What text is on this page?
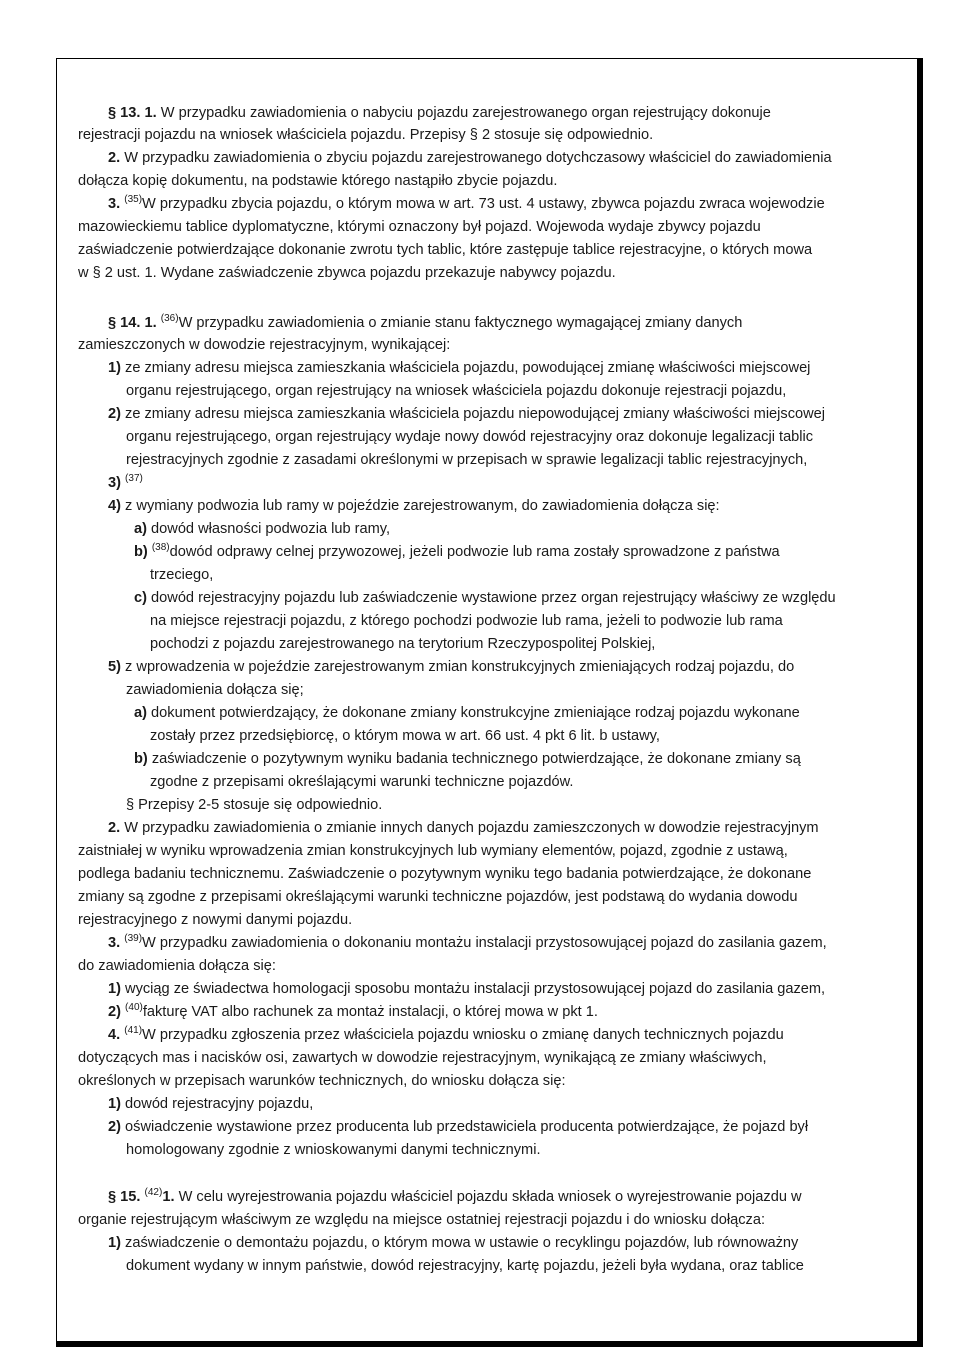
§ 13. 1. W przypadku zawiadomienia o nabyciu pojazdu zarejestrowanego organ rejestrujący dokonuje
rejestracji pojazdu na wniosek właściciela pojazdu. Przepisy § 2 stosuje się odpowiednio.
2. W przypadku zawiadomienia o zbyciu pojazdu zarejestrowanego dotychczasowy właściciel do zawiadomienia
dołącza kopię dokumentu, na podstawie którego nastąpiło zbycie pojazdu.
3. $^{(35)}$W przypadku zbycia pojazdu, o którym mowa w art. 73 ust. 4 ustawy, zbywca pojazdu zwraca wojewodzie
mazowieckiemu tablice dyplomatyczne, którymi oznaczony był pojazd. Wojewoda wydaje zbywcy pojazdu
zaświadczenie potwierdzające dokonanie zwrotu tych tablic, które zastępuje tablice rejestracyjne, o których mowa
w § 2 ust. 1. Wydane zaświadczenie zbywca pojazdu przekazuje nabywcy pojazdu.
§ 14. 1. $^{(36)}$W przypadku zawiadomienia o zmianie stanu faktycznego wymagającej zmiany danych
zamieszczonych w dowodzie rejestracyjnym, wynikającej:
1) ze zmiany adresu miejsca zamieszkania właściciela pojazdu, powodującej zmianę właściwości miejscowej
organu rejestrującego, organ rejestrujący na wniosek właściciela pojazdu dokonuje rejestracji pojazdu,
2) ze zmiany adresu miejsca zamieszkania właściciela pojazdu niepowodującej zmiany właściwości miejscowej
organu rejestrującego, organ rejestrujący wydaje nowy dowód rejestracyjny oraz dokonuje legalizacji tablic
rejestracyjnych zgodnie z zasadami określonymi w przepisach w sprawie legalizacji tablic rejestracyjnych,
3) $^{(37)}$
4) z wymiany podwozia lub ramy w pojeździe zarejestrowanym, do zawiadomienia dołącza się:
a) dowód własności podwozia lub ramy,
b) $^{(38)}$dowód odprawy celnej przywozowej, jeżeli podwozie lub rama zostały sprowadzone z państwa
trzeciego,
c) dowód rejestracyjny pojazdu lub zaświadczenie wystawione przez organ rejestrujący właściwy ze względu
na miejsce rejestracji pojazdu, z którego pochodzi podwozie lub rama, jeżeli to podwozie lub rama
pochodzi z pojazdu zarejestrowanego na terytorium Rzeczypospolitej Polskiej,
5) z wprowadzenia w pojeździe zarejestrowanym zmian konstrukcyjnych zmieniających rodzaj pojazdu, do
zawiadomienia dołącza się;
a) dokument potwierdzający, że dokonane zmiany konstrukcyjne zmieniające rodzaj pojazdu wykonane
zostały przez przedsiębiorcę, o którym mowa w art. 66 ust. 4 pkt 6 lit. b ustawy,
b) zaświadczenie o pozytywnym wyniku badania technicznego potwierdzające, że dokonane zmiany są
zgodne z przepisami określającymi warunki techniczne pojazdów.
§ Przepisy 2-5 stosuje się odpowiednio.
2. W przypadku zawiadomienia o zmianie innych danych pojazdu zamieszczonych w dowodzie rejestracyjnym
zaistniałej w wyniku wprowadzenia zmian konstrukcyjnych lub wymiany elementów, pojazd, zgodnie z ustawą,
podlega badaniu technicznemu. Zaświadczenie o pozytywnym wyniku tego badania potwierdzające, że dokonane
zmiany są zgodne z przepisami określającymi warunki techniczne pojazdów, jest podstawą do wydania dowodu
rejestracyjnego z nowymi danymi pojazdu.
3. $^{(39)}$W przypadku zawiadomienia o dokonaniu montażu instalacji przystosowującej pojazd do zasilania gazem,
do zawiadomienia dołącza się:
1) wyciąg ze świadectwa homologacji sposobu montażu instalacji przystosowującej pojazd do zasilania gazem,
2) $^{(40)}$fakturę VAT albo rachunek za montaż instalacji, o której mowa w pkt 1.
4. $^{(41)}$W przypadku zgłoszenia przez właściciela pojazdu wniosku o zmianę danych technicznych pojazdu
dotyczących mas i nacisków osi, zawartych w dowodzie rejestracyjnym, wynikającą ze zmiany właściwych,
określonych w przepisach warunków technicznych, do wniosku dołącza się:
1) dowód rejestracyjny pojazdu,
2) oświadczenie wystawione przez producenta lub przedstawiciela producenta potwierdzające, że pojazd był
homologowany zgodnie z wnioskowanymi danymi technicznymi.
§ 15. $^{(42)}$1. W celu wyrejestrowania pojazdu właściciel pojazdu składa wniosek o wyrejestrowanie pojazdu w
organie rejestrującym właściwym ze względu na miejsce ostatniej rejestracji pojazdu i do wniosku dołącza:
1) zaświadczenie o demontażu pojazdu, o którym mowa w ustawie o recyklingu pojazdów, lub równoważny
dokument wydany w innym państwie, dowód rejestracyjny, kartę pojazdu, jeżeli była wydana, oraz tablice
